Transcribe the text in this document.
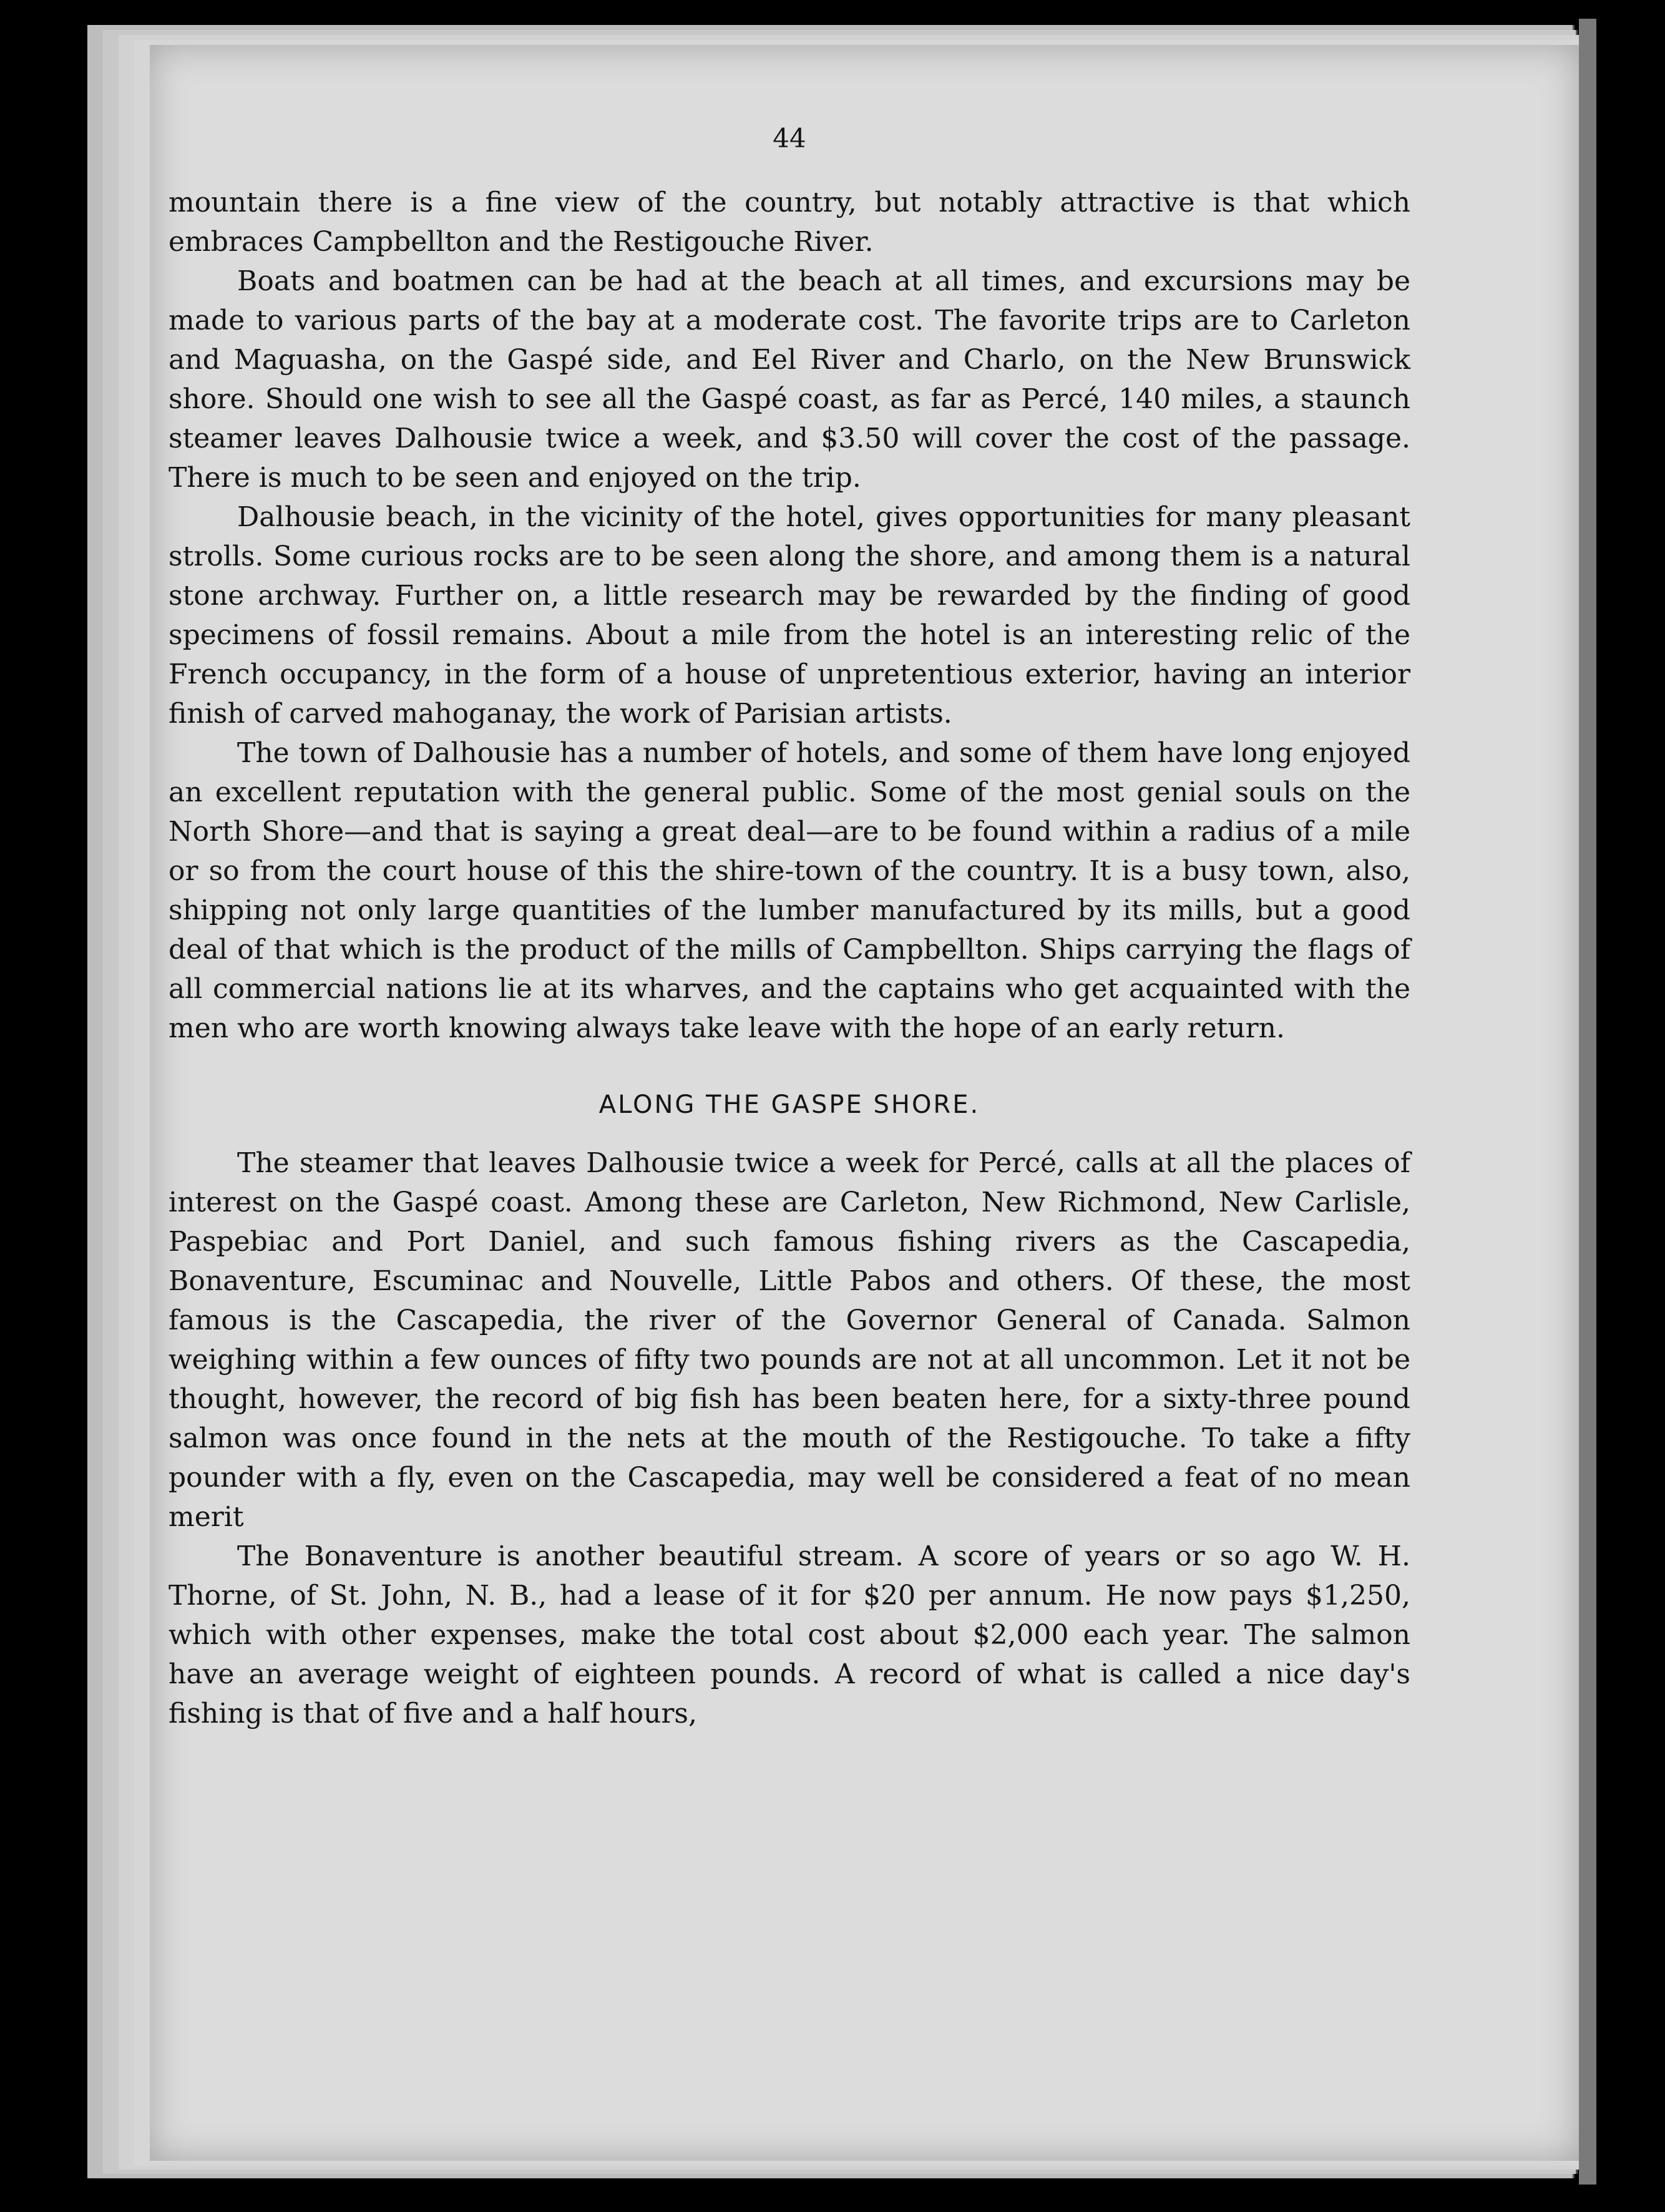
44

mountain there is a fine view of the country, but notably attractive is that which embraces Campbellton and the Restigouche River.

Boats and boatmen can be had at the beach at all times, and excursions may be made to various parts of the bay at a moderate cost. The favorite trips are to Carleton and Maguasha, on the Gaspé side, and Eel River and Charlo, on the New Brunswick shore. Should one wish to see all the Gaspé coast, as far as Percé, 140 miles, a staunch steamer leaves Dalhousie twice a week, and $3.50 will cover the cost of the passage. There is much to be seen and enjoyed on the trip.

Dalhousie beach, in the vicinity of the hotel, gives opportunities for many pleasant strolls. Some curious rocks are to be seen along the shore, and among them is a natural stone archway. Further on, a little research may be rewarded by the finding of good specimens of fossil remains. About a mile from the hotel is an interesting relic of the French occupancy, in the form of a house of unpretentious exterior, having an interior finish of carved mahoganay, the work of Parisian artists.

The town of Dalhousie has a number of hotels, and some of them have long enjoyed an excellent reputation with the general public. Some of the most genial souls on the North Shore—and that is saying a great deal—are to be found within a radius of a mile or so from the court house of this the shire-town of the country. It is a busy town, also, shipping not only large quantities of the lumber manufactured by its mills, but a good deal of that which is the product of the mills of Campbellton. Ships carrying the flags of all commercial nations lie at its wharves, and the captains who get acquainted with the men who are worth knowing always take leave with the hope of an early return.

ALONG THE GASPE SHORE.

The steamer that leaves Dalhousie twice a week for Percé, calls at all the places of interest on the Gaspé coast. Among these are Carleton, New Richmond, New Carlisle, Paspebiac and Port Daniel, and such famous fishing rivers as the Cascapedia, Bonaventure, Escuminac and Nouvelle, Little Pabos and others. Of these, the most famous is the Cascapedia, the river of the Governor General of Canada. Salmon weighing within a few ounces of fifty two pounds are not at all uncommon. Let it not be thought, however, the record of big fish has been beaten here, for a sixty-three pound salmon was once found in the nets at the mouth of the Restigouche. To take a fifty pounder with a fly, even on the Cascapedia, may well be considered a feat of no mean merit

The Bonaventure is another beautiful stream. A score of years or so ago W. H. Thorne, of St. John, N. B., had a lease of it for $20 per annum. He now pays $1,250, which with other expenses, make the total cost about $2,000 each year. The salmon have an average weight of eighteen pounds. A record of what is called a nice day's fishing is that of five and a half hours,
